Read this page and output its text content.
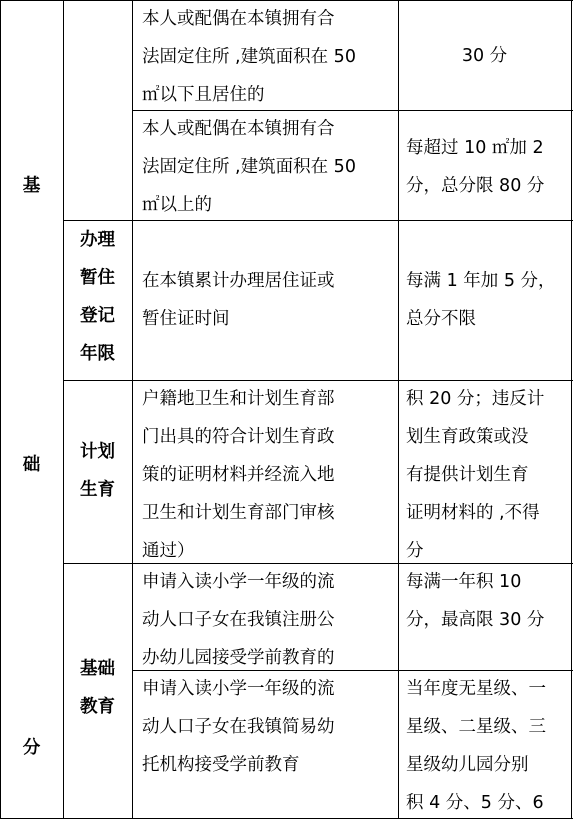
基
础
分
本人或配偶在本镇拥有合
法固定住所 ,建筑面积在 50
㎡以下且居住的
30 分
本人或配偶在本镇拥有合
法固定住所 ,建筑面积在 50
㎡以上的
每超过 10 ㎡加 2
分，总分限 80 分
办理
暂住
登记
年限
在本镇累计办理居住证或
暂住证时间
每满 1 年加 5 分，
总分不限
计划
生育
户籍地卫生和计划生育部
门出具的符合计划生育政
策的证明材料并经流入地
卫生和计划生育部门审核
通过）
积 20 分；违反计
划生育政策或没
有提供计划生育
证明材料的 ,不得
分
基础
教育
申请入读小学一年级的流
动人口子女在我镇注册公
办幼儿园接受学前教育的
每满一年积 10
分，最高限 30 分
申请入读小学一年级的流
动人口子女在我镇简易幼
托机构接受学前教育
当年度无星级、一
星级、二星级、三
星级幼儿园分别
积 4 分、5 分、6
